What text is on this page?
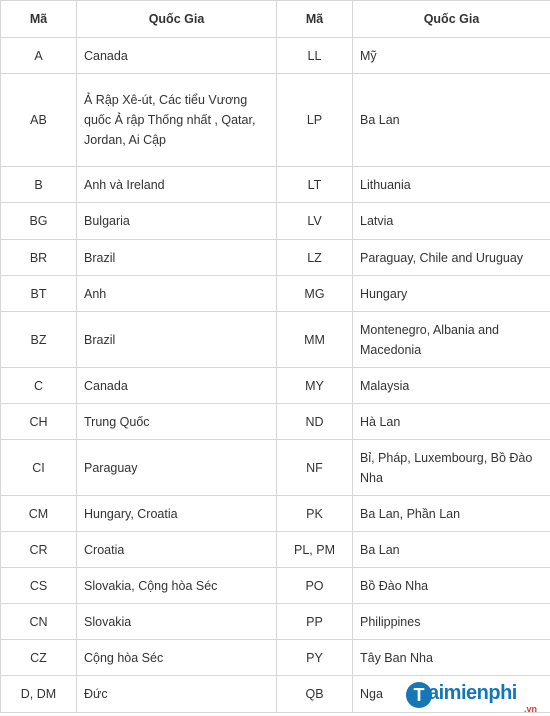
Mã	Quốc Gia	Mã	Quốc Gia
A	Canada	LL	Mỹ
AB	Ả Rập Xê-út, Các tiểu Vương quốc Ả rập Thống nhất , Qatar, Jordan, Ai Cập	LP	Ba Lan
B	Anh và Ireland	LT	Lithuania
BG	Bulgaria	LV	Latvia
BR	Brazil	LZ	Paraguay, Chile and Uruguay
BT	Anh	MG	Hungary
BZ	Brazil	MM	Montenegro, Albania and Macedonia
C	Canada	MY	Malaysia
CH	Trung Quốc	ND	Hà Lan
CI	Paraguay	NF	Bỉ, Pháp, Luxembourg, Bồ Đào Nha
CM	Hungary, Croatia	PK	Ba Lan, Phần Lan
CR	Croatia	PL, PM	Ba Lan
CS	Slovakia, Cộng hòa Séc	PO	Bồ Đào Nha
CN	Slovakia	PP	Philippines
CZ	Cộng hòa Séc	PY	Tây Ban Nha
D, DM	Đức	QB	Nga	T aimienphi
.vn
